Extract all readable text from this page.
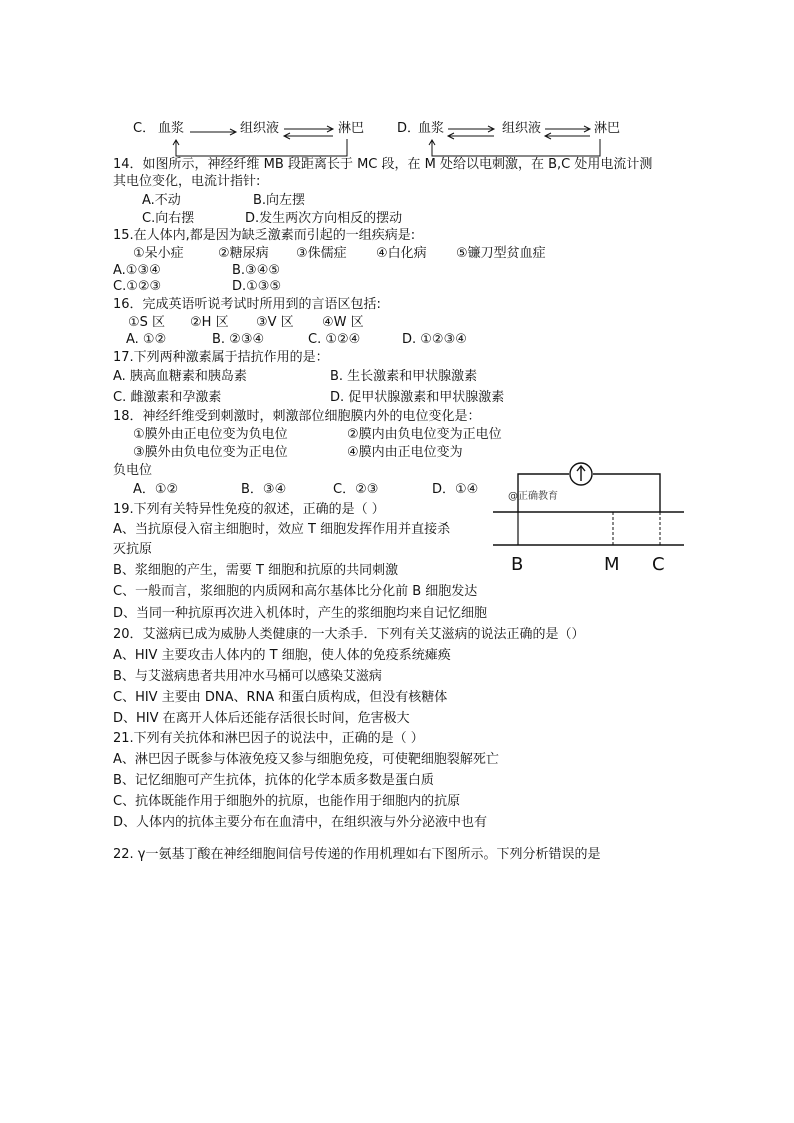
C． 血浆	组织液	淋巴	D．
血浆	组织液	淋巴
14．如图所示，神经纤维 MB 段距离长于 MC 段，在 M 处给以电刺激，在 B,C 处用电流计测
其电位变化，电流计指针:
A.不动	B.向左摆
C.向右摆	D.发生两次方向相反的摆动
15.在人体内,都是因为缺乏激素而引起的一组疾病是:
①呆小症	②糖尿病 ③侏儒症 ④白化病 ⑤镰刀型贫血症
A.①③④	B.③④⑤
C.①②③	D.①③⑤
16．完成英语听说考试时所用到的言语区包括:
①S 区 ②H 区 ③V 区 ④W 区
A. ①②	B. ②③④	C. ①②④	D. ①②③④
17.下列两种激素属于拮抗作用的是：
A. 胰高血糖素和胰岛素	B. 生长激素和甲状腺激素
C. 雌激素和孕激素	D. 促甲状腺激素和甲状腺激素
18．神经纤维受到刺激时，刺激部位细胞膜内外的电位变化是：
①膜外由正电位变为负电位	②膜内由负电位变为正电位
③膜外由负电位变为正电位	④膜内由正电位变为
负电位
A．①②	B．③④	C．②③	D．①④	@正确教育
B	M C
19.下列有关特异性免疫的叙述，正确的是（ ）
A、当抗原侵入宿主细胞时，效应 T 细胞发挥作用并直接杀
灭抗原
B、浆细胞的产生，需要 T 细胞和抗原的共同刺激
C、一般而言，浆细胞的内质网和高尔基体比分化前 B 细胞发达
D、当同一种抗原再次进入机体时，产生的浆细胞均来自记忆细胞
20．艾滋病已成为威胁人类健康的一大杀手．下列有关艾滋病的说法正确的是（）
A、HIV 主要攻击人体内的 T 细胞，使人体的免疫系统瘫痪
B、与艾滋病患者共用冲水马桶可以感染艾滋病
C、HIV 主要由 DNA、RNA 和蛋白质构成，但没有核糖体
D、HIV 在离开人体后还能存活很长时间，危害极大
21.下列有关抗体和淋巴因子的说法中，正确的是（ ）
A、淋巴因子既参与体液免疫又参与细胞免疫，可使靶细胞裂解死亡
B、记忆细胞可产生抗体，抗体的化学本质多数是蛋白质
C、抗体既能作用于细胞外的抗原，也能作用于细胞内的抗原
D、人体内的抗体主要分布在血清中，在组织液与外分泌液中也有
22. γ一氨基丁酸在神经细胞间信号传递的作用机理如右下图所示。下列分析错误的是
